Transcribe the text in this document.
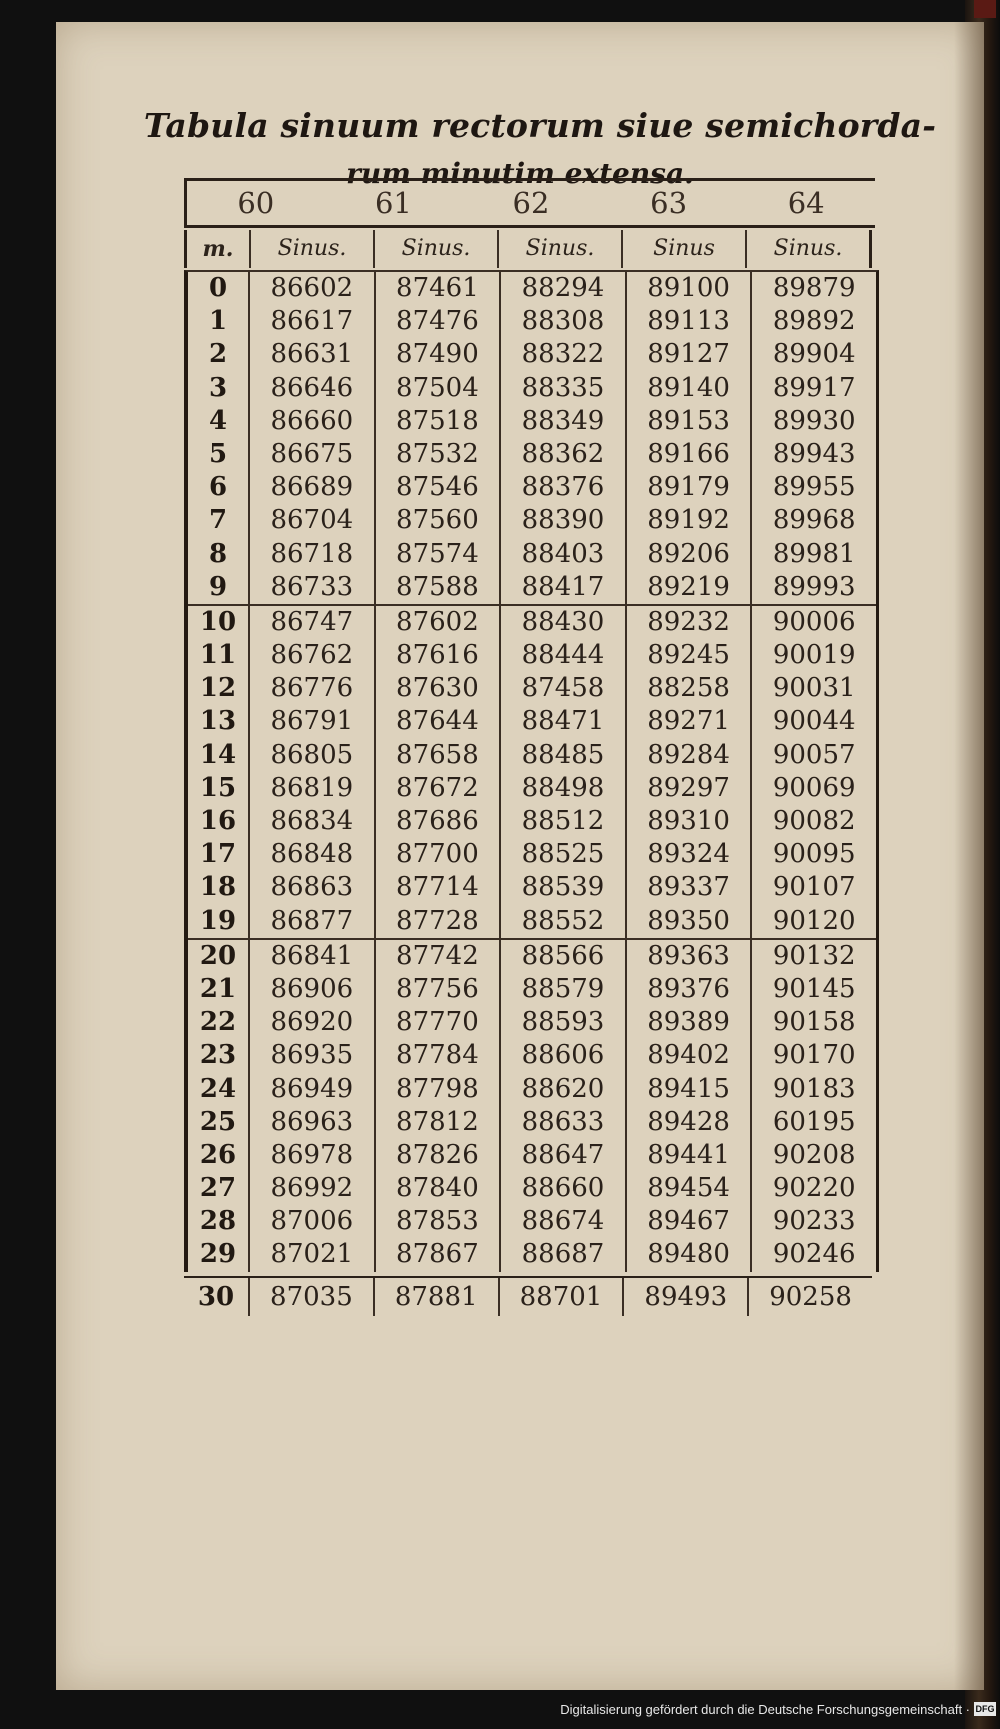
Tabula sinuum rectorum siue semichorda-
rum minutim extensa.
60	61	62	63	64
m.	Sinus.	Sinus.	Sinus.	Sinus	Sinus.
0	86602	87461	88294	89100	89879
1	86617	87476	88308	89113	89892
2	86631	87490	88322	89127	89904
3	86646	87504	88335	89140	89917
4	86660	87518	88349	89153	89930
5	86675	87532	88362	89166	89943
6	86689	87546	88376	89179	89955
7	86704	87560	88390	89192	89968
8	86718	87574	88403	89206	89981
9	86733	87588	88417	89219	89993
10	86747	87602	88430	89232	90006
11	86762	87616	88444	89245	90019
12	86776	87630	87458	88258	90031
13	86791	87644	88471	89271	90044
14	86805	87658	88485	89284	90057
15	86819	87672	88498	89297	90069
16	86834	87686	88512	89310	90082
17	86848	87700	88525	89324	90095
18	86863	87714	88539	89337	90107
19	86877	87728	88552	89350	90120
20	86841	87742	88566	89363	90132
21	86906	87756	88579	89376	90145
22	86920	87770	88593	89389	90158
23	86935	87784	88606	89402	90170
24	86949	87798	88620	89415	90183
25	86963	87812	88633	89428	60195
26	86978	87826	88647	89441	90208
27	86992	87840	88660	89454	90220
28	87006	87853	88674	89467	90233
29	87021	87867	88687	89480	90246
30	87035	87881	88701	89493	90258
Digitalisierung gefördert durch die Deutsche Forschungsgemeinschaft · DFG
